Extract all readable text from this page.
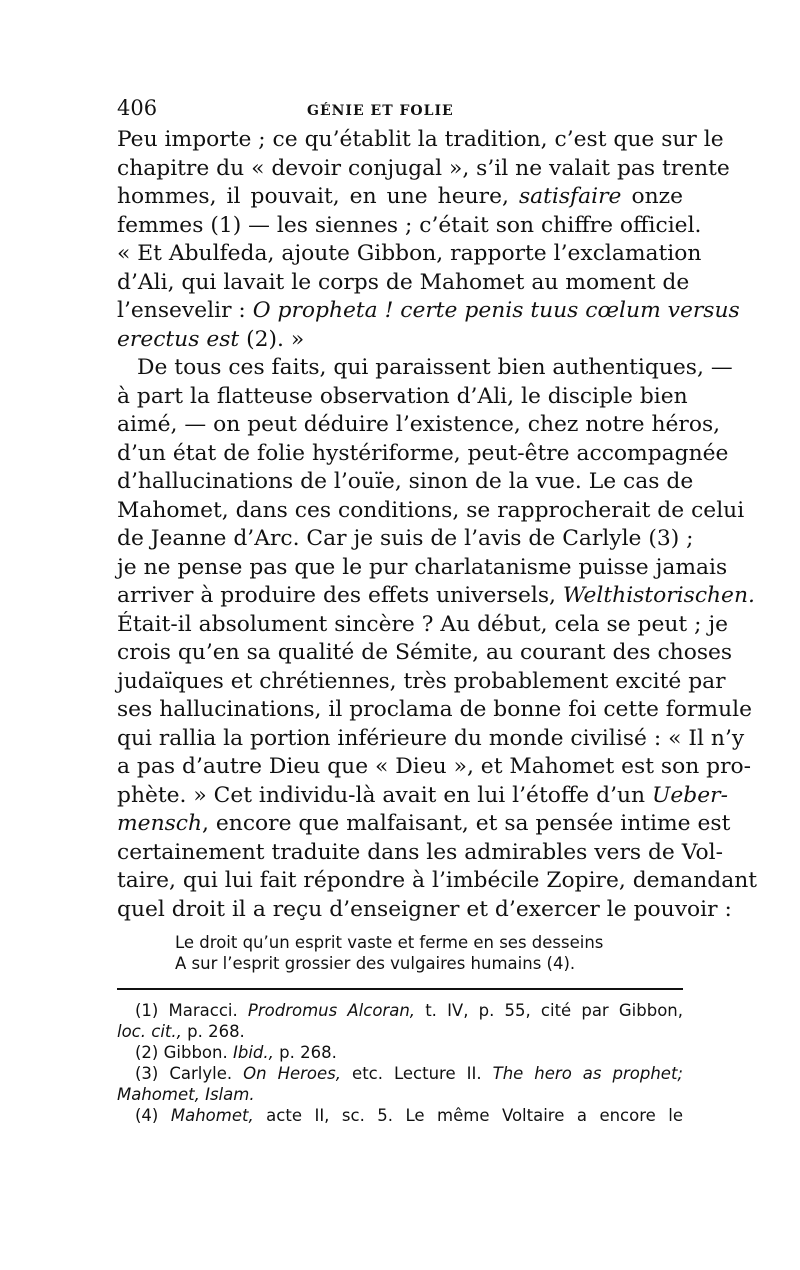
406	GÉNIE ET FOLIE
Peu importe ; ce qu’établit la tradition, c’est que sur le
chapitre du « devoir conjugal », s’il ne valait pas trente
hommes, il pouvait, en une heure, satisfaire onze
femmes (1) — les siennes ; c’était son chiffre officiel.
« Et Abulfeda, ajoute Gibbon, rapporte l’exclamation
d’Ali, qui lavait le corps de Mahomet au moment de
l’ensevelir : O propheta ! certe penis tuus cœlum versus
erectus est (2). »
De tous ces faits, qui paraissent bien authentiques, —
à part la flatteuse observation d’Ali, le disciple bien
aimé, — on peut déduire l’existence, chez notre héros,
d’un état de folie hystériforme, peut-être accompagnée
d’hallucinations de l’ouïe, sinon de la vue. Le cas de
Mahomet, dans ces conditions, se rapprocherait de celui
de Jeanne d’Arc. Car je suis de l’avis de Carlyle (3) ;
je ne pense pas que le pur charlatanisme puisse jamais
arriver à produire des effets universels, Welthistorischen.
Était-il absolument sincère ? Au début, cela se peut ; je
crois qu’en sa qualité de Sémite, au courant des choses
judaïques et chrétiennes, très probablement excité par
ses hallucinations, il proclama de bonne foi cette formule
qui rallia la portion inférieure du monde civilisé : « Il n’y
a pas d’autre Dieu que « Dieu », et Mahomet est son pro-
phète. » Cet individu-là avait en lui l’étoffe d’un Ueber-
mensch, encore que malfaisant, et sa pensée intime est
certainement traduite dans les admirables vers de Vol-
taire, qui lui fait répondre à l’imbécile Zopire, demandant
quel droit il a reçu d’enseigner et d’exercer le pouvoir :
Le droit qu’un esprit vaste et ferme en ses desseins
A sur l’esprit grossier des vulgaires humains (4).
(1) Maracci. Prodromus Alcoran, t. IV, p. 55, cité par Gibbon,
loc. cit., p. 268.
(2) Gibbon. Ibid., p. 268.
(3) Carlyle. On Heroes, etc. Lecture II. The hero as prophet;
Mahomet, Islam.
(4) Mahomet, acte II, sc. 5. Le même Voltaire a encore le
